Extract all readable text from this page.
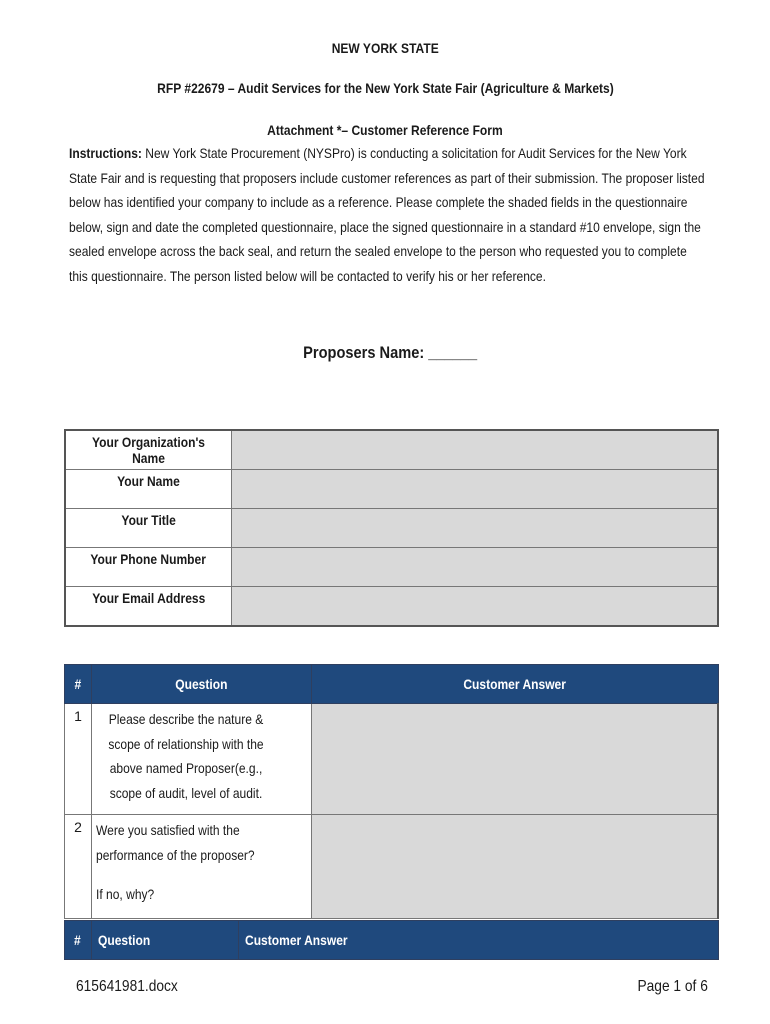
NEW YORK STATE
RFP #22679 – Audit Services for the New York State Fair (Agriculture & Markets)
Attachment *– Customer Reference Form
Instructions: New York State Procurement (NYSPro) is conducting a solicitation for Audit Services for the New York State Fair and is requesting that proposers include customer references as part of their submission. The proposer listed below has identified your company to include as a reference. Please complete the shaded fields in the questionnaire below, sign and date the completed questionnaire, place the signed questionnaire in a standard #10 envelope, sign the sealed envelope across the back seal, and return the sealed envelope to the person who requested you to complete this questionnaire. The person listed below will be contacted to verify his or her reference.
Proposers Name: ______
Your Organization's Name	
Your Name	
Your Title	
Your Phone Number	
Your Email Address	
#	Question	Customer Answer
1	Please describe the nature & scope of relationship with the above named Proposer(e.g., scope of audit, level of audit.	

2	Were you satisfied with the performance of the proposer?
If no, why?	

#	Question	Customer Answer
615641981.docx	Page 1 of 6
